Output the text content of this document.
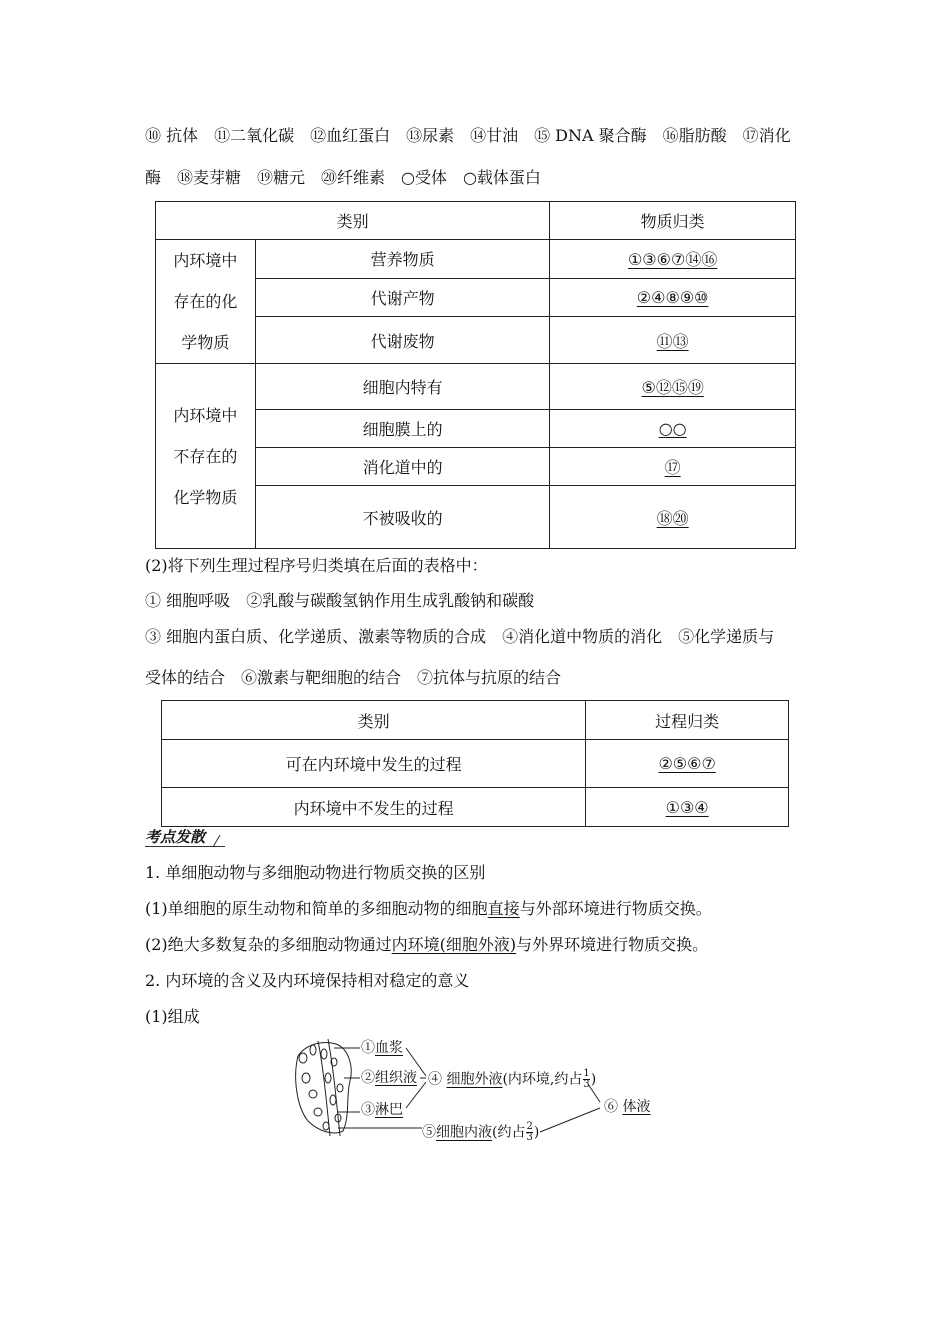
⑩ 抗体　⑪二氧化碳　⑫血红蛋白　⑬尿素　⑭甘油　⑮ DNA 聚合酶　⑯脂肪酸　⑰消化
酶　⑱麦芽糖　⑲糖元　⑳纤维素　○受体　○载体蛋白
类别		物质归类
内环境中存在的化学物质	营养物质	①③⑥⑦⑭⑯
	代谢产物	②④⑧⑨⑩
	代谢废物	⑪⑬
内环境中不存在的化学物质	细胞内特有	⑤⑫⑮⑲
	细胞膜上的	○○
	消化道中的	⑰
	不被吸收的	⑱⑳
(2)将下列生理过程序号归类填在后面的表格中：
① 细胞呼吸　②乳酸与碳酸氢钠作用生成乳酸钠和碳酸
③ 细胞内蛋白质、化学递质、激素等物质的合成　④消化道中物质的消化　⑤化学递质与
受体的结合　⑥激素与靶细胞的结合　⑦抗体与抗原的结合
类别	过程归类
可在内环境中发生的过程	②⑤⑥⑦
内环境中不发生的过程	①③④
考点发散
1. 单细胞动物与多细胞动物进行物质交换的区别
(1)单细胞的原生动物和简单的多细胞动物的细胞直接与外部环境进行物质交换。
(2)绝大多数复杂的多细胞动物通过内环境(细胞外液)与外界环境进行物质交换。
2. 内环境的含义及内环境保持相对稳定的意义
(1)组成
①血浆
②组织液
③淋巴
④ 细胞外液(内环境,约占 $\frac{1}{3}$ )
⑤细胞内液(约占 $\frac{2}{3}$ )
⑥ 体液
